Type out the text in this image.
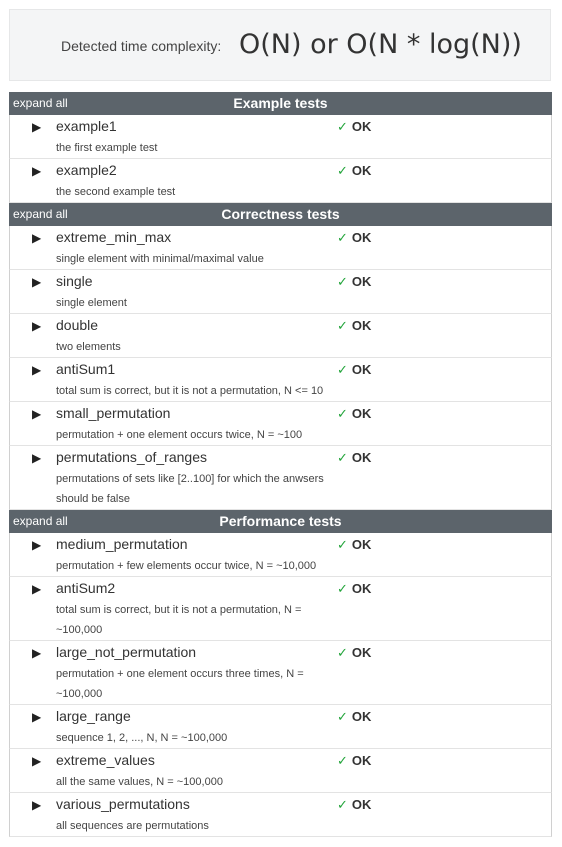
Detected time complexity: O(N) or O(N * log(N))
expand all	Example tests
▶ example1
the first example test
✓ OK
▶ example2
the second example test
✓ OK
expand all	Correctness tests
▶ extreme_min_max
single element with minimal/maximal value
✓ OK
▶ single
single element
✓ OK
▶ double
two elements
✓ OK
▶ antiSum1
total sum is correct, but it is not a permutation, N <= 10
✓ OK
▶ small_permutation
permutation + one element occurs twice, N = ~100
✓ OK
▶ permutations_of_ranges
permutations of sets like [2..100] for which the anwsers should be false
✓ OK
expand all	Performance tests
▶ medium_permutation
permutation + few elements occur twice, N = ~10,000
✓ OK
▶ antiSum2
total sum is correct, but it is not a permutation, N = ~100,000
✓ OK
▶ large_not_permutation
permutation + one element occurs three times, N = ~100,000
✓ OK
▶ large_range
sequence 1, 2, ..., N, N = ~100,000
✓ OK
▶ extreme_values
all the same values, N = ~100,000
✓ OK
▶ various_permutations
all sequences are permutations
✓ OK
